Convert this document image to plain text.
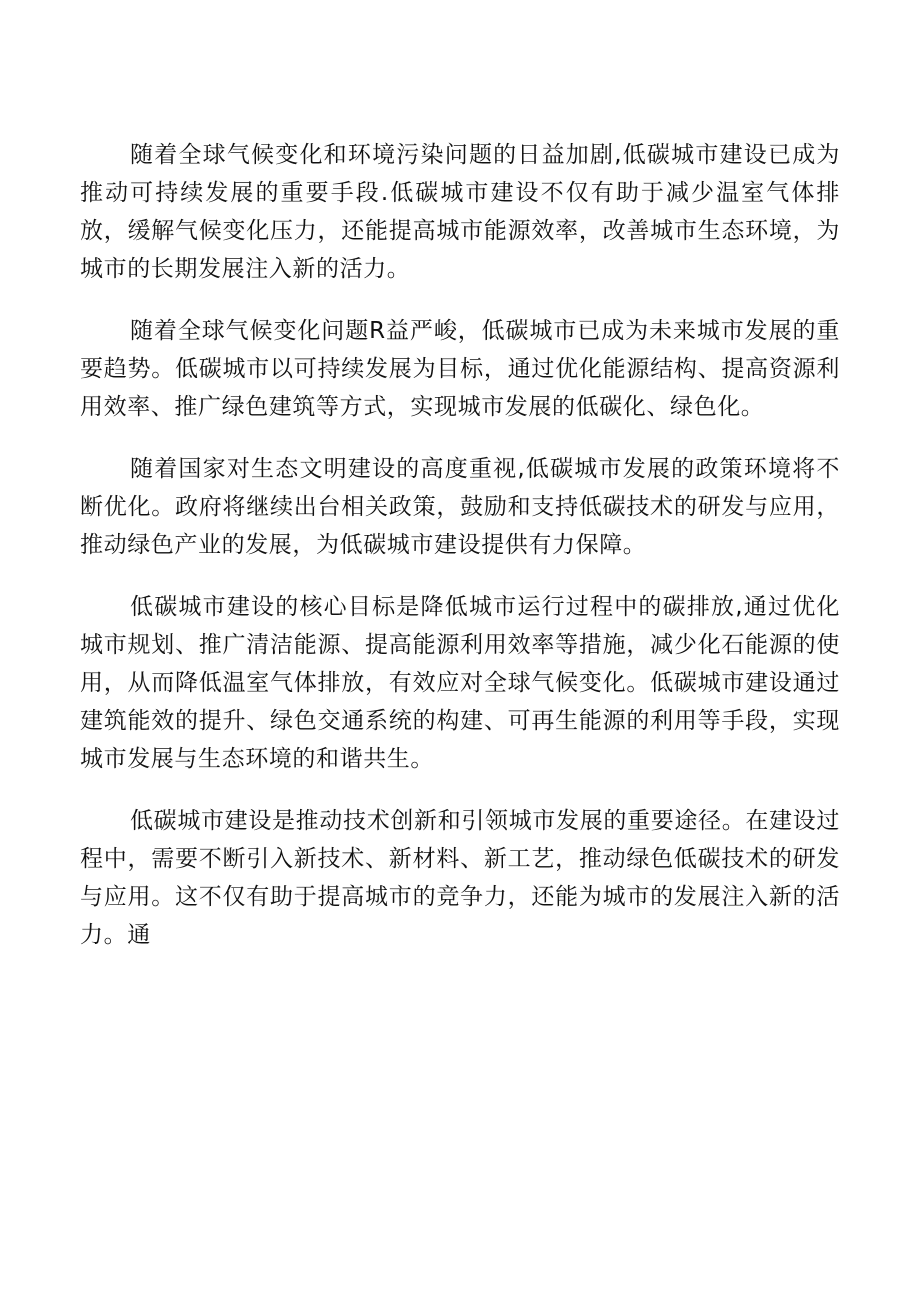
随着全球气候变化和环境污染问题的日益加剧,低碳城市建设已成为推动可持续发展的重要手段.低碳城市建设不仅有助于减少温室气体排放，缓解气候变化压力，还能提高城市能源效率，改善城市生态环境，为城市的长期发展注入新的活力。

随着全球气候变化问题R益严峻，低碳城市已成为未来城市发展的重要趋势。低碳城市以可持续发展为目标，通过优化能源结构、提高资源利用效率、推广绿色建筑等方式，实现城市发展的低碳化、绿色化。

随着国家对生态文明建设的高度重视,低碳城市发展的政策环境将不断优化。政府将继续出台相关政策，鼓励和支持低碳技术的研发与应用，推动绿色产业的发展，为低碳城市建设提供有力保障。

低碳城市建设的核心目标是降低城市运行过程中的碳排放,通过优化城市规划、推广清洁能源、提高能源利用效率等措施，减少化石能源的使用，从而降低温室气体排放，有效应对全球气候变化。低碳城市建设通过建筑能效的提升、绿色交通系统的构建、可再生能源的利用等手段，实现城市发展与生态环境的和谐共生。

低碳城市建设是推动技术创新和引领城市发展的重要途径。在建设过程中，需要不断引入新技术、新材料、新工艺，推动绿色低碳技术的研发与应用。这不仅有助于提高城市的竞争力，还能为城市的发展注入新的活力。通
